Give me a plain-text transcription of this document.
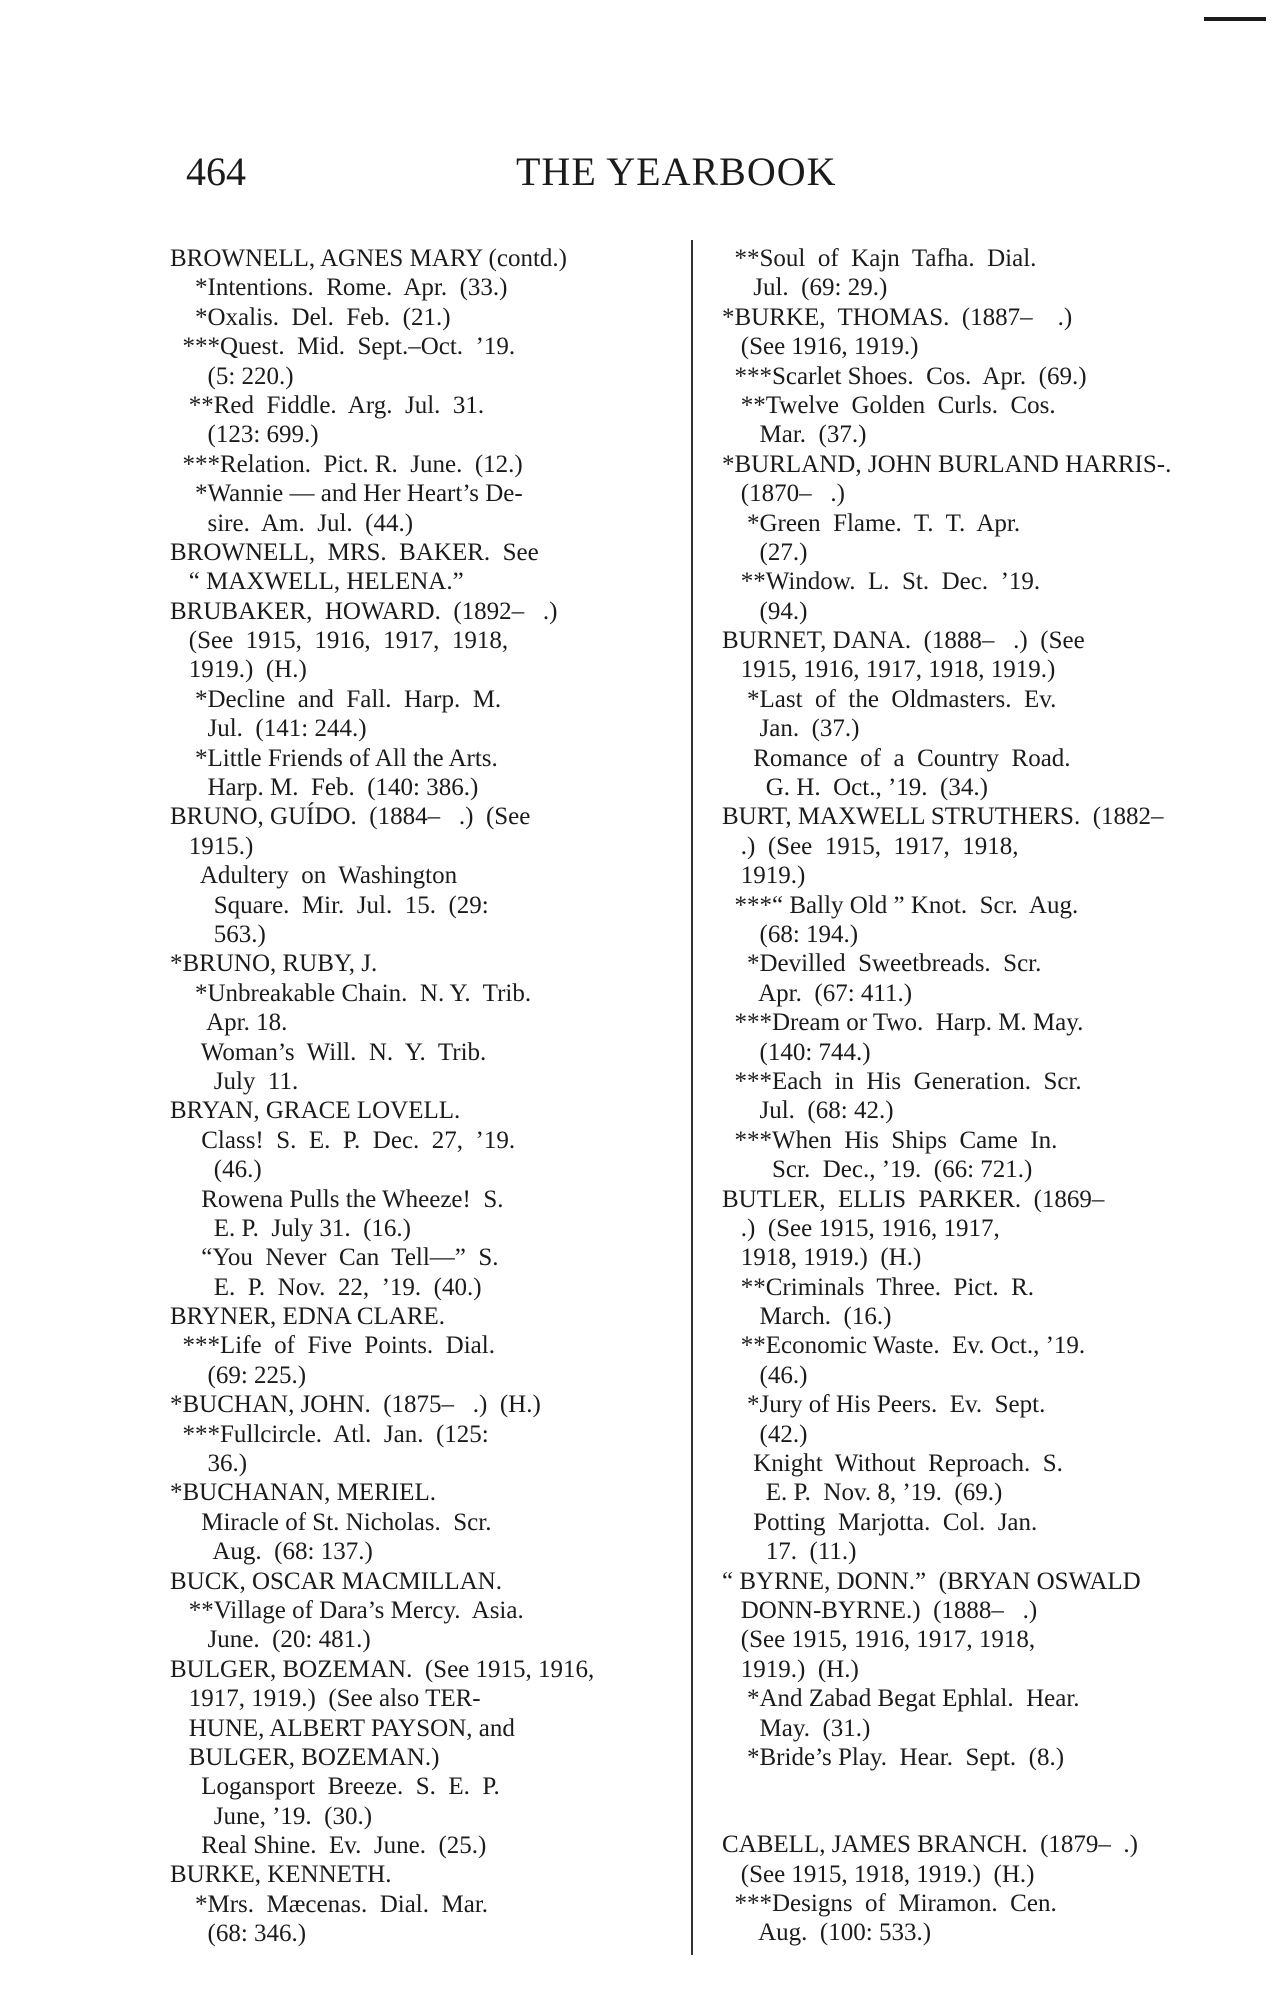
464	THE YEARBOOK
BROWNELL, AGNES MARY (contd.)
*Intentions.  Rome.  Apr.  (33.)
*Oxalis.  Del.  Feb.  (21.)
***Quest.  Mid.  Sept.–Oct.  ’19.
(5: 220.)
**Red  Fiddle.  Arg.  Jul.  31.
(123: 699.)
***Relation.  Pict. R.  June.  (12.)
*Wannie — and Her Heart’s De-
sire.  Am.  Jul.  (44.)
BROWNELL,  MRS.  BAKER.  See
“ MAXWELL, HELENA.”
BRUBAKER,  HOWARD.  (1892–   .)
(See  1915,  1916,  1917,  1918,
1919.)  (H.)
*Decline  and  Fall.  Harp.  M.
Jul.  (141: 244.)
*Little Friends of All the Arts.
Harp. M.  Feb.  (140: 386.)
BRUNO, GUÍDO.  (1884–   .)  (See
1915.)
Adultery  on  Washington
Square.  Mir.  Jul.  15.  (29:
563.)
*BRUNO, RUBY, J.
*Unbreakable Chain.  N. Y.  Trib.
Apr. 18.
Woman’s  Will.  N.  Y.  Trib.
July  11.
BRYAN, GRACE LOVELL.
Class!  S.  E.  P.  Dec.  27,  ’19.
(46.)
Rowena Pulls the Wheeze!  S.
E. P.  July 31.  (16.)
“You  Never  Can  Tell—”  S.
E.  P.  Nov.  22,  ’19.  (40.)
BRYNER, EDNA CLARE.
***Life  of  Five  Points.  Dial.
(69: 225.)
*BUCHAN, JOHN.  (1875–   .)  (H.)
***Fullcircle.  Atl.  Jan.  (125:
36.)
*BUCHANAN, MERIEL.
Miracle of St. Nicholas.  Scr.
Aug.  (68: 137.)
BUCK, OSCAR MACMILLAN.
**Village of Dara’s Mercy.  Asia.
June.  (20: 481.)
BULGER, BOZEMAN.  (See 1915, 1916,
1917, 1919.)  (See also TER-
HUNE, ALBERT PAYSON, and
BULGER, BOZEMAN.)
Logansport  Breeze.  S.  E.  P.
June, ’19.  (30.)
Real Shine.  Ev.  June.  (25.)
BURKE, KENNETH.
*Mrs.  Mæcenas.  Dial.  Mar.
(68: 346.)
**Soul  of  Kajn  Tafha.  Dial.
Jul.  (69: 29.)
*BURKE,  THOMAS.  (1887–    .)
(See 1916, 1919.)
***Scarlet Shoes.  Cos.  Apr.  (69.)
**Twelve  Golden  Curls.  Cos.
Mar.  (37.)
*BURLAND, JOHN BURLAND HARRIS-.
(1870–   .)
*Green  Flame.  T.  T.  Apr.
(27.)
**Window.  L.  St.  Dec.  ’19.
(94.)
BURNET, DANA.  (1888–   .)  (See
1915, 1916, 1917, 1918, 1919.)
*Last  of  the  Oldmasters.  Ev.
Jan.  (37.)
Romance  of  a  Country  Road.
G. H.  Oct., ’19.  (34.)
BURT, MAXWELL STRUTHERS.  (1882–
.)  (See  1915,  1917,  1918,
1919.)
***“ Bally Old ” Knot.  Scr.  Aug.
(68: 194.)
*Devilled  Sweetbreads.  Scr.
Apr.  (67: 411.)
***Dream or Two.  Harp. M. May.
(140: 744.)
***Each  in  His  Generation.  Scr.
Jul.  (68: 42.)
***When  His  Ships  Came  In.
Scr.  Dec., ’19.  (66: 721.)
BUTLER,  ELLIS  PARKER.  (1869–
.)  (See 1915, 1916, 1917,
1918, 1919.)  (H.)
**Criminals  Three.  Pict.  R.
March.  (16.)
**Economic Waste.  Ev. Oct., ’19.
(46.)
*Jury of His Peers.  Ev.  Sept.
(42.)
Knight  Without  Reproach.  S.
E. P.  Nov. 8, ’19.  (69.)
Potting  Marjotta.  Col.  Jan.
17.  (11.)
“ BYRNE, DONN.”  (BRYAN OSWALD
DONN-BYRNE.)  (1888–   .)
(See 1915, 1916, 1917, 1918,
1919.)  (H.)
*And Zabad Begat Ephlal.  Hear.
May.  (31.)
*Bride’s Play.  Hear.  Sept.  (8.)
CABELL, JAMES BRANCH.  (1879–  .)
(See 1915, 1918, 1919.)  (H.)
***Designs  of  Miramon.  Cen.
Aug.  (100: 533.)
